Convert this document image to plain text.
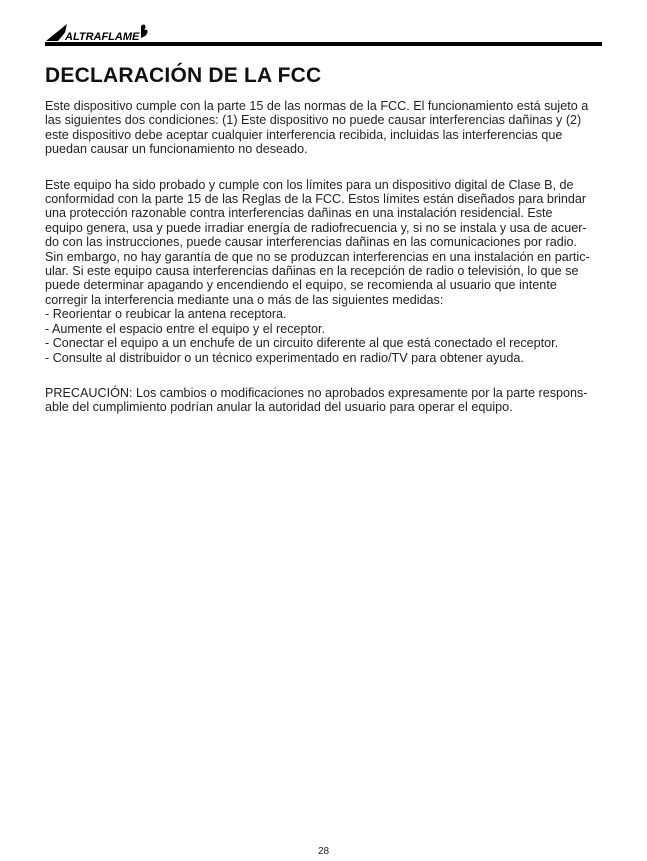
ALTRAFLAME
DECLARACIÓN DE LA FCC

Este dispositivo cumple con la parte 15 de las normas de la FCC. El funcionamiento está sujeto a
las siguientes dos condiciones: (1) Este dispositivo no puede causar interferencias dañinas y (2)
este dispositivo debe aceptar cualquier interferencia recibida, incluidas las interferencias que
puedan causar un funcionamiento no deseado.

Este equipo ha sido probado y cumple con los límites para un dispositivo digital de Clase B, de
conformidad con la parte 15 de las Reglas de la FCC. Estos límites están diseñados para brindar
una protección razonable contra interferencias dañinas en una instalación residencial. Este
equipo genera, usa y puede irradiar energía de radiofrecuencia y, si no se instala y usa de acuer-
do con las instrucciones, puede causar interferencias dañinas en las comunicaciones por radio.
Sin embargo, no hay garantía de que no se produzcan interferencias en una instalación en partic-
ular. Si este equipo causa interferencias dañinas en la recepción de radio o televisión, lo que se
puede determinar apagando y encendiendo el equipo, se recomienda al usuario que intente
corregir la interferencia mediante una o más de las siguientes medidas:
- Reorientar o reubicar la antena receptora.
- Aumente el espacio entre el equipo y el receptor.
- Conectar el equipo a un enchufe de un circuito diferente al que está conectado el receptor.
- Consulte al distribuidor o un técnico experimentado en radio/TV para obtener ayuda.

PRECAUCIÓN: Los cambios o modificaciones no aprobados expresamente por la parte respons-
able del cumplimiento podrían anular la autoridad del usuario para operar el equipo.

28
